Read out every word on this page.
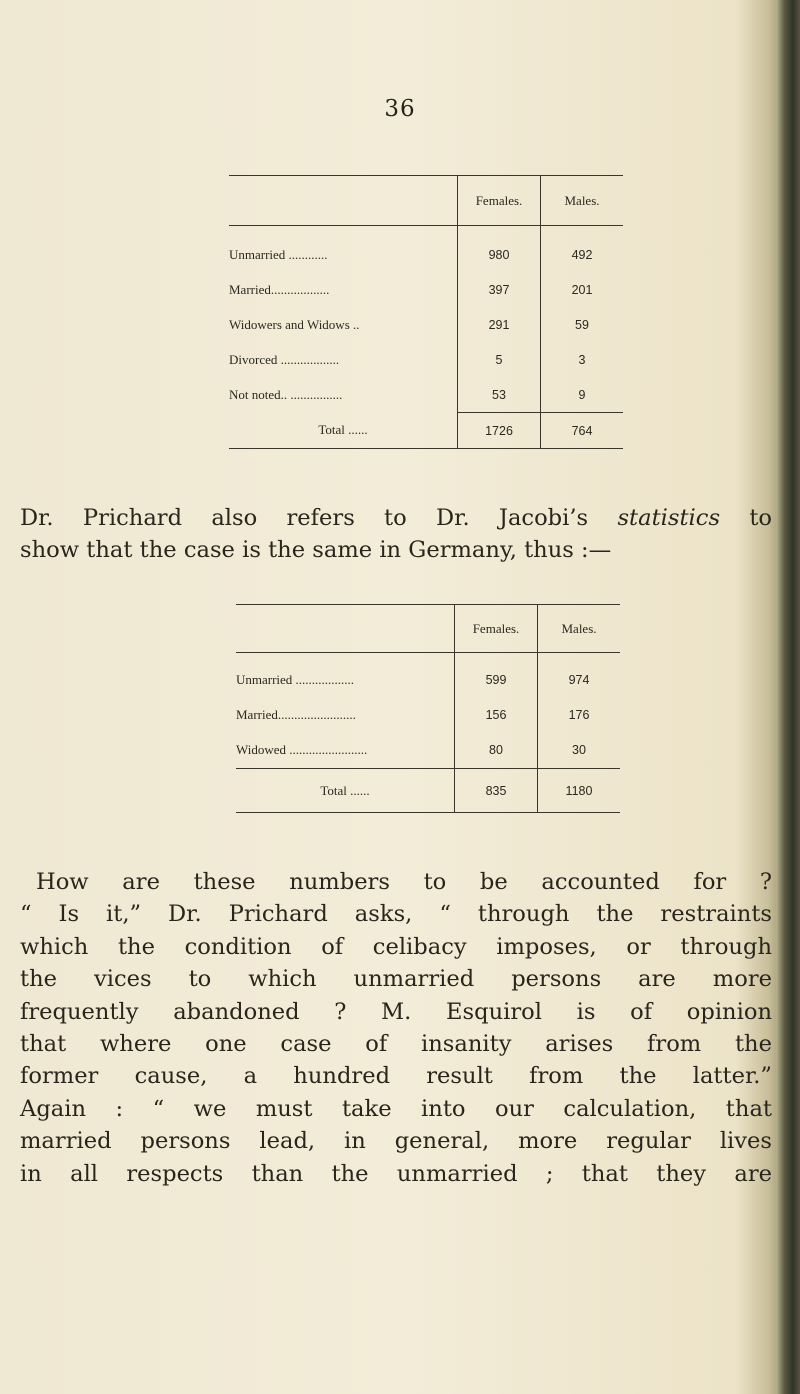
36
	Females.	Males.

Unmarried ............	980	492
Married..................	397	201
Widowers and Widows ..	291	59
Divorced ..................	5	3
Not noted.. ................	53	9
Total ......	1726	764
Dr. Prichard also refers to Dr. Jacobi’s statistics to
show that the case is the same in Germany, thus :—
	Females.	Males.

Unmarried ..................	599	974
Married........................	156	176
Widowed ........................	80	30
Total ......	835	1180
How are these numbers to be accounted for ?
“ Is it,” Dr. Prichard asks, “ through the restraints
which the condition of celibacy imposes, or through
the vices to which unmarried persons are more
frequently abandoned ? M. Esquirol is of opinion
that where one case of insanity arises from the
former cause, a hundred result from the latter.”
Again : “ we must take into our calculation, that
married persons lead, in general, more regular lives
in all respects than the unmarried ; that they are
